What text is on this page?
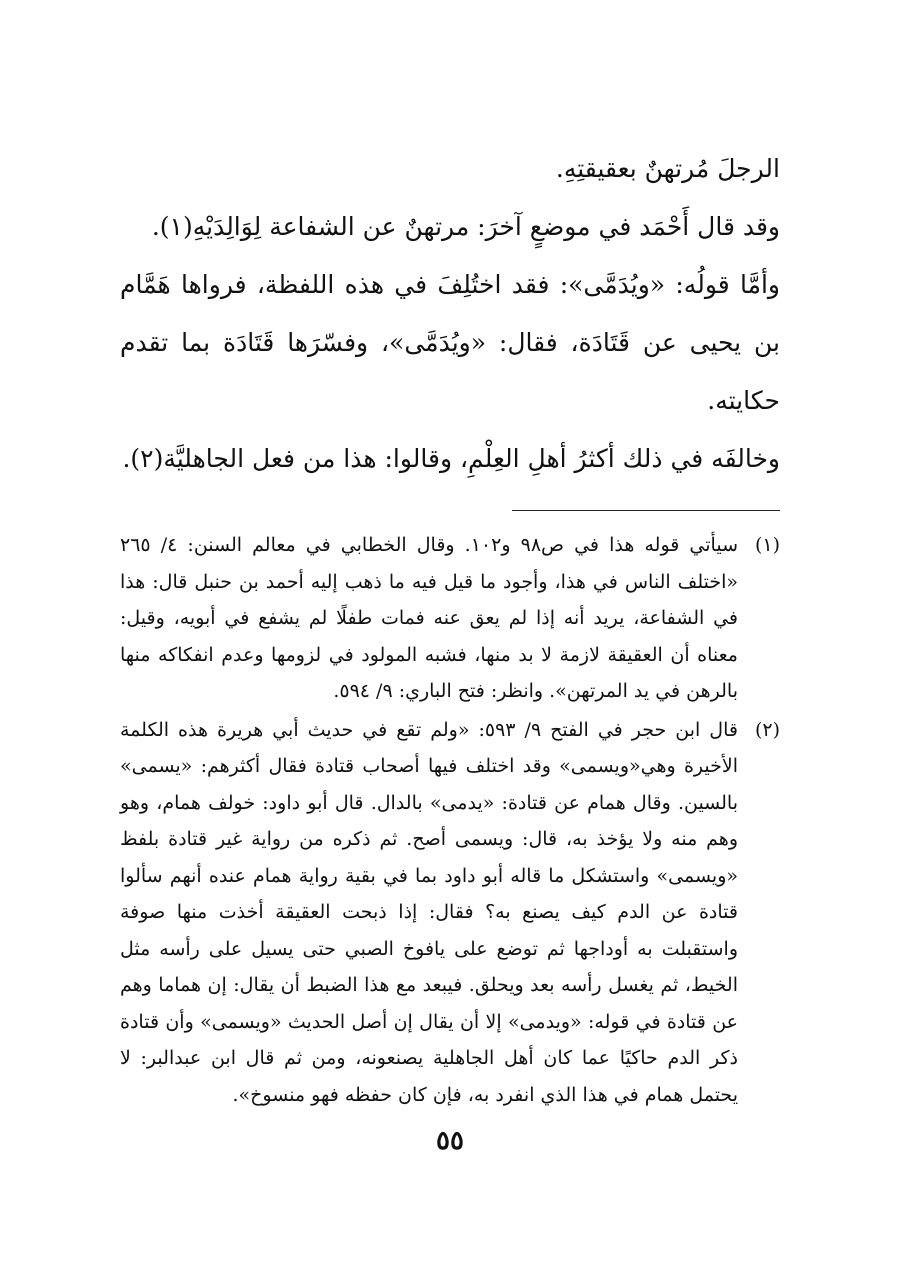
الرجلَ مُرتهنٌ بعقيقتِهِ.

وقد قال أَحْمَد في موضعٍ آخرَ: مرتهنٌ عن الشفاعة لِوَالِدَيْهِ(١).

وأمَّا قولُه: «ويُدَمَّى»: فقد اختُلِفَ في هذه اللفظة، فرواها هَمَّام بن يحيى عن قَتَادَة، فقال: «ويُدَمَّى»، وفسّرَها قَتَادَة بما تقدم حكايته.

وخالفَه في ذلك أكثرُ أهلِ العِلْمِ، وقالوا: هذا من فعل الجاهليَّة(٢).

(١)
سيأتي قوله هذا في ص٩٨ و١٠٢. وقال الخطابي في معالم السنن: ٤/ ٢٦٥ «اختلف الناس في هذا، وأجود ما قيل فيه ما ذهب إليه أحمد بن حنبل قال: هذا في الشفاعة، يريد أنه إذا لم يعق عنه فمات طفلًا لم يشفع في أبويه، وقيل: معناه أن العقيقة لازمة لا بد منها، فشبه المولود في لزومها وعدم انفكاكه منها بالرهن في يد المرتهن». وانظر: فتح الباري: ٩/ ٥٩٤.
(٢)
قال ابن حجر في الفتح ٩/ ٥٩٣: «ولم تقع في حديث أبي هريرة هذه الكلمة الأخيرة وهي«ويسمى» وقد اختلف فيها أصحاب قتادة فقال أكثرهم: «يسمى» بالسين. وقال همام عن قتادة: «يدمى» بالدال. قال أبو داود: خولف همام، وهو وهم منه ولا يؤخذ به، قال: ويسمى أصح. ثم ذكره من رواية غير قتادة بلفظ «ويسمى» واستشكل ما قاله أبو داود بما في بقية رواية همام عنده أنهم سألوا قتادة عن الدم كيف يصنع به؟ فقال: إذا ذبحت العقيقة أخذت منها صوفة واستقبلت به أوداجها ثم توضع على يافوخ الصبي حتى يسيل على رأسه مثل الخيط، ثم يغسل رأسه بعد ويحلق. فيبعد مع هذا الضبط أن يقال: إن هماما وهم عن قتادة في قوله: «ويدمى» إلا أن يقال إن أصل الحديث «ويسمى» وأن قتادة ذكر الدم حاكيًا عما كان أهل الجاهلية يصنعونه، ومن ثم قال ابن عبدالبر: لا يحتمل همام في هذا الذي انفرد به، فإن كان حفظه فهو منسوخ».
٥٥
